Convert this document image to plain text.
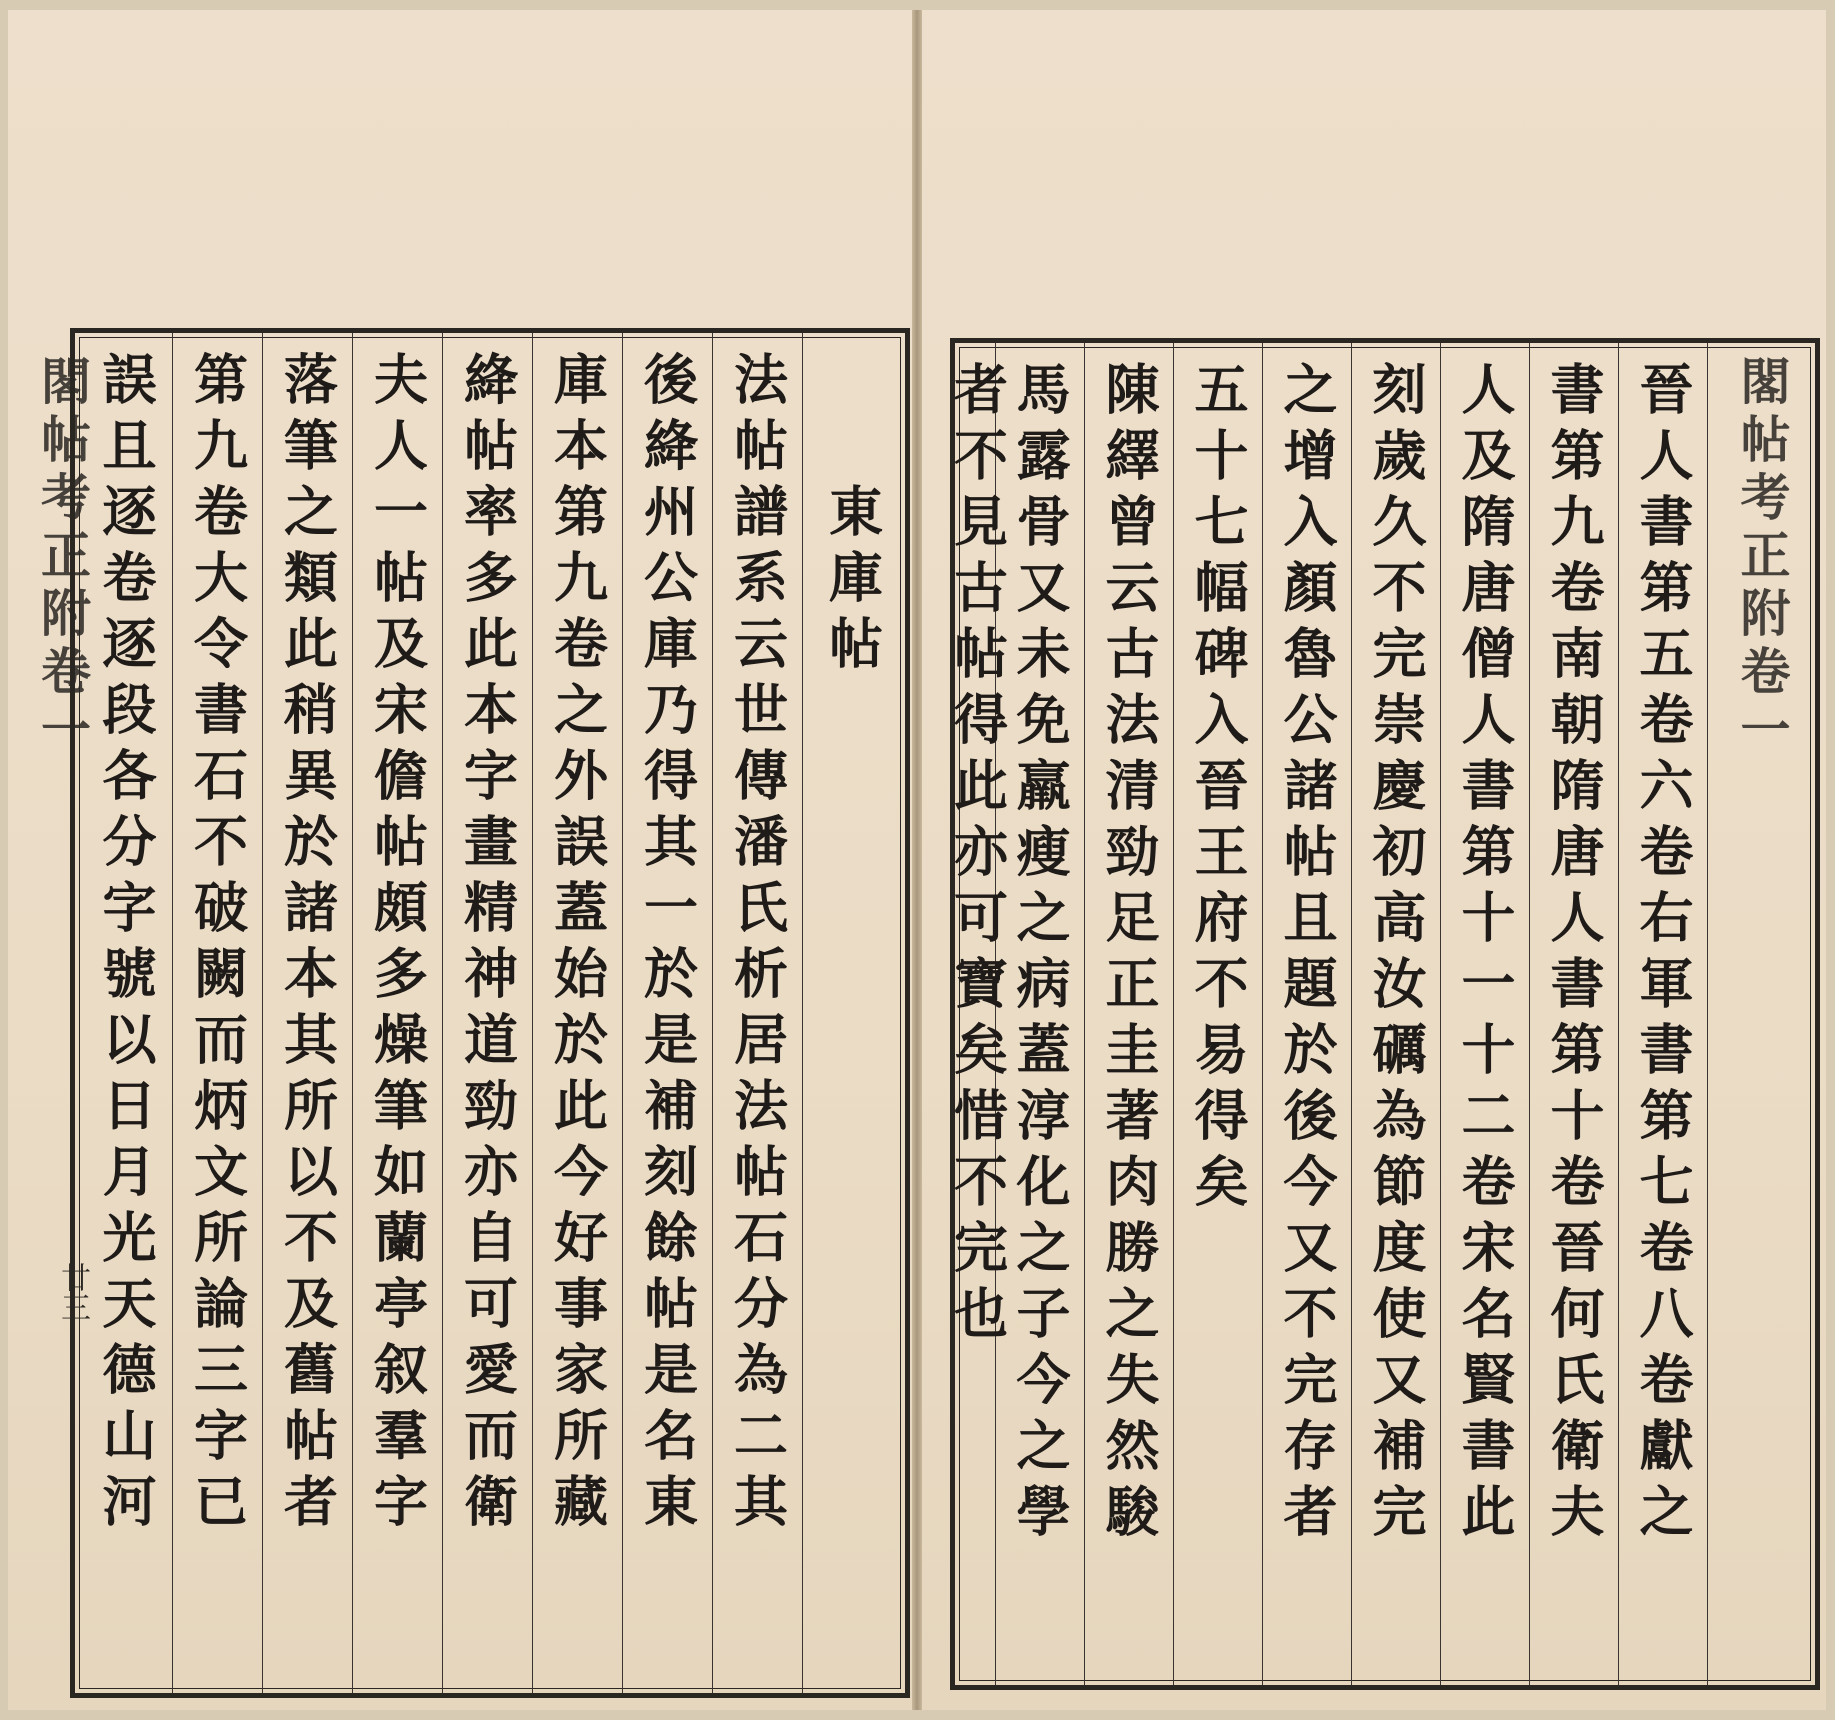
閣帖考正附卷一
廿三
東庫帖
法帖譜系云世傳潘氏析居法帖石分為二其
後絳州公庫乃得其一於是補刻餘帖是名東
庫本第九卷之外誤蓋始於此今好事家所藏
絳帖率多此本字畫精神道勁亦自可愛而衛
夫人一帖及宋儋帖頗多燥筆如蘭亭叙羣字
落筆之類此稍異於諸本其所以不及舊帖者
第九卷大令書石不破闕而炳文所論三字已
誤且逐卷逐段各分字號以日月光天德山河	閣帖考正附卷一
晉人書第五卷六卷右軍書第七卷八卷獻之
書第九卷南朝隋唐人書第十卷晉何氏衛夫
人及隋唐僧人書第十一十二卷宋名賢書此
刻歲久不完崇慶初高汝礪為節度使又補完
之增入顏魯公諸帖且題於後今又不完存者
五十七幅碑入晉王府不易得矣
陳繹曾云古法清勁足正圭著肉勝之失然駿
馬露骨又未免羸瘦之病蓋淳化之子今之學
者不見古帖得此亦可寶矣惜不完也
